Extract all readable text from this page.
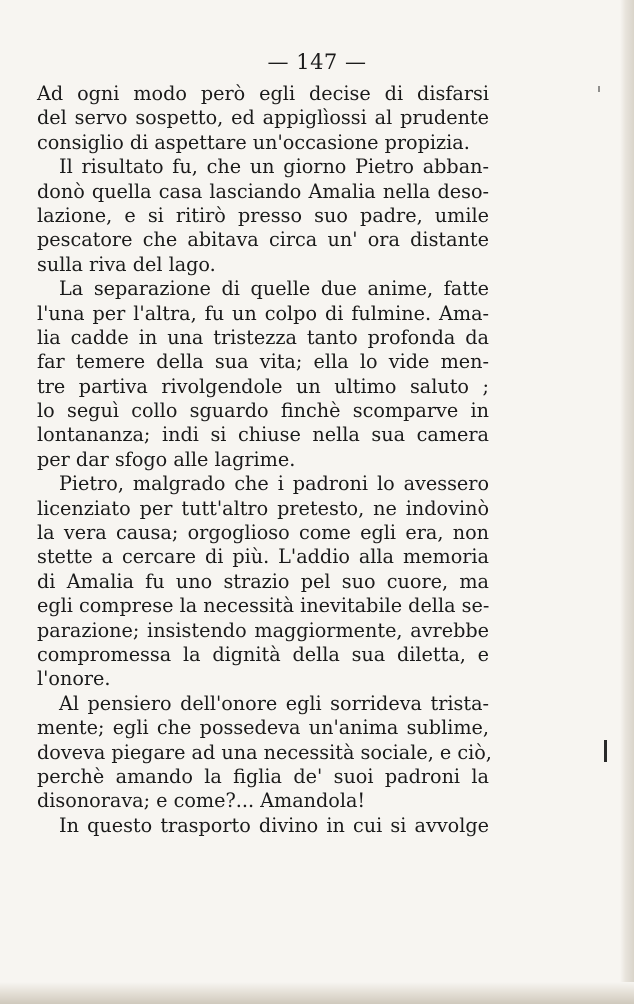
— 147 —
Ad ogni modo però egli decise di disfarsi
del servo sospetto, ed appiglìossi al prudente
consiglio di aspettare un'occasione propizia.
Il risultato fu, che un giorno Pietro abban-
donò quella casa lasciando Amalia nella deso-
lazione, e si ritirò presso suo padre, umile
pescatore che abitava circa un' ora distante
sulla riva del lago.
La separazione di quelle due anime, fatte
l'una per l'altra, fu un colpo di fulmine. Ama-
lia cadde in una tristezza tanto profonda da
far temere della sua vita; ella lo vide men-
tre partiva rivolgendole un ultimo saluto ;
lo seguì collo sguardo finchè scomparve in
lontananza; indi si chiuse nella sua camera
per dar sfogo alle lagrime.
Pietro, malgrado che i padroni lo avessero
licenziato per tutt'altro pretesto, ne indovinò
la vera causa; orgoglioso come egli era, non
stette a cercare di più. L'addio alla memoria
di Amalia fu uno strazio pel suo cuore, ma
egli comprese la necessità inevitabile della se-
parazione; insistendo maggiormente, avrebbe
compromessa la dignità della sua diletta, e
l'onore.
Al pensiero dell'onore egli sorrideva trista-
mente; egli che possedeva un'anima sublime,
doveva piegare ad una necessità sociale, e ciò,
perchè amando la figlia de' suoi padroni la
disonorava; e come?... Amandola!
In questo trasporto divino in cui si avvolge
